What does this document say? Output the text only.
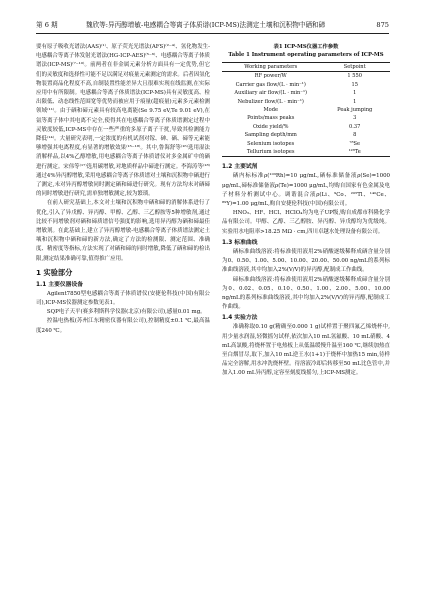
第 6 期	魏欣等:异丙醇增敏-电感耦合等离子体质谱(ICP-MS)法测定土壤和沉积物中硒和碲	875

要有原子吸收光谱法(AAS)⁽¹⁾、原子荧光光谱法(AFS)⁽²⁻⁴⁾、氢化物发生-电感耦合等离子体发射光谱法(HG-ICP-AES)⁽⁵⁻⁶⁾、电感耦合等离子体质谱法(ICP-MS)⁽⁷⁻¹⁰⁾。前两者在非金属元素分析方面具有一定优势,但它们的灵敏度和选择性可能不足以满足对痕量元素测定的需求。后者因氢化物装置商品化程度不高,自制装置性能差异大且很难实现在线监测,在实际应用中有所限制。电感耦合等离子体质谱法(ICP-MS)具有灵敏度高、检出限低、动态线性范围宽等优势而被应用于痕量(超痕量)元素多元素检测领域⁽¹¹⁾。由于硒和碲元素具有较高电离能(Se 9.75 eV,Te 9.01 eV),在氩等离子体中其电离不完全,使得其在电感耦合等离子体质谱测定过程中灵敏度较低,ICP-MS中存在一些严重的多原子离子干扰,导致其检测能力降低⁽¹⁴⁾。大量研究表明,一定浓度的有机试剂对镓、砷、硒、碲等元素能够增强其电离程度,有显著的增敏效果⁽¹⁵⁻¹⁸⁾。其中,鲁海舒等⁽¹⁶⁾选用湿法消解样品,以4%乙醇增敏,用电感耦合等离子体质谱仪对多金属矿中的硒进行测定。宋伟等⁽¹⁷⁾选用碳增敏,对地质样品中碲进行测定。李海涛等⁽¹⁸⁾通过4%异丙醇增敏,采用电感耦合等离子体质谱对土壤和沉积物中硒进行了测定,未对异丙醇增敏同时测定硒和碲进行研究。现有方法均未对硒碲的同时增敏进行研究,需单独增敏测定,较为繁琐。

在前人研究基础上,本文对土壤和沉积物中硒和碲的消解体系进行了优化,引入了异戊醇、异丙醇、甲醇、乙醇、三乙醇胺等5种增敏剂,通过比较不同增敏剂对硒和碲质谱信号强度的影响,选用异丙醇为硒和碲最佳增敏剂。在此基础上,建立了异丙醇增敏-电感耦合等离子体质谱法测定土壤和沉积物中硒和碲的新方法,确定了方法的检测限、测定范围、准确度、精密度等指标,方法实现了对硒和碲的同时增敏,降低了硒和碲的检出限,测定结果准确可靠,值得推广应用。

1 实验部分

1.1 主要仪器设备

Agilent7850型电感耦合等离子体质谱仪(安捷伦科技(中国)有限公司),ICP-MS仪器测定参数见表1。

SQP电子天平(赛多利斯科学仪器(北京)有限公司),感量0.01 mg。

控温电热板(苏州江东精密仪器有限公司),控制精度±0.1 ℃,最高温度240 ℃。

表1 ICP-MS仪器工作参数
Table 1 Instrument operating parameters of ICP-MS
Working parameters	Setpoint
RF power/W	1 550
Carrier gas flow/(L · min⁻¹)	15
Auxiliary air flow/(L · min⁻¹)	1
Nebulizer flow/(L · min⁻¹)	1
Mode	Peak jumping
Points/mass peaks	3
Oxide yield/%	0.37
Sampling depth/mm	8
Selenium isotopes	⁷⁸Se
Tellurium isotopes	¹²⁶Te

1.2 主要试剂

硒内标标准ρ(¹⁰³Rh)=10 μg/mL,硒标准储备液ρ(Se)=1000 μg/mL,碲标准储备液ρ(Te)=1000 μg/mL,均购自国家有色金属及电子材料分析测试中心。调谐混合液ρ(Li、⁹Co、²⁰⁵Tl、¹⁴⁰Ce、⁸⁹Y)=1.00 μg/mL,购自安捷伦科技(中国)有限公司。

HNO₃、HF、HCl、HClO₄均为电子UP级,购自成都市科隆化学品有限公司。甲醇、乙醇、三乙醇胺、异丙醇、异戊醇均为优级纯。实验用水电阻率>18.25 MΩ · cm,四川卓越水处理设备有限公司。

1.3 标准曲线

硒标准曲线溶液:将标准使用液用2%硝酸逐级稀释成硒含量分别为0、0.50、1.00、5.00、10.00、20.00、50.00 ng/mL的系列标准曲线溶液,其中均加入2%(V/V)的异丙醇,配制成工作曲线。

碲标准曲线溶液:将标准使用液用2%硝酸逐级稀释成碲含量分别为0、0.02、0.05、0.10、0.50、1.00、2.00、5.00、10.00 ng/mL的系列标准曲线溶液,其中均加入2%(V/V)的异丙醇,配制成工作曲线。

1.4 实验方法

准确称取0.10 g(精确至0.000 1 g)试样置于聚四氟乙烯烧杯中,用少量水润湿,轻微摇匀试样,依次加入10 mL氢氟酸、10 mL硝酸、4 mL高氯酸,将烧杯置于电热板上从低温缓慢升温至160 ℃,继续加热直至白烟冒尽,取下,加入10 mL逆王水(1+1)于烧杯中加热15 min,待样品完全溶解,用水冲洗烧杯壁。待溶液冷却后转移至50 mL比色管中,并加入1.00 mL异丙醇,定容至刻度线摇匀,上ICP-MS测定。
